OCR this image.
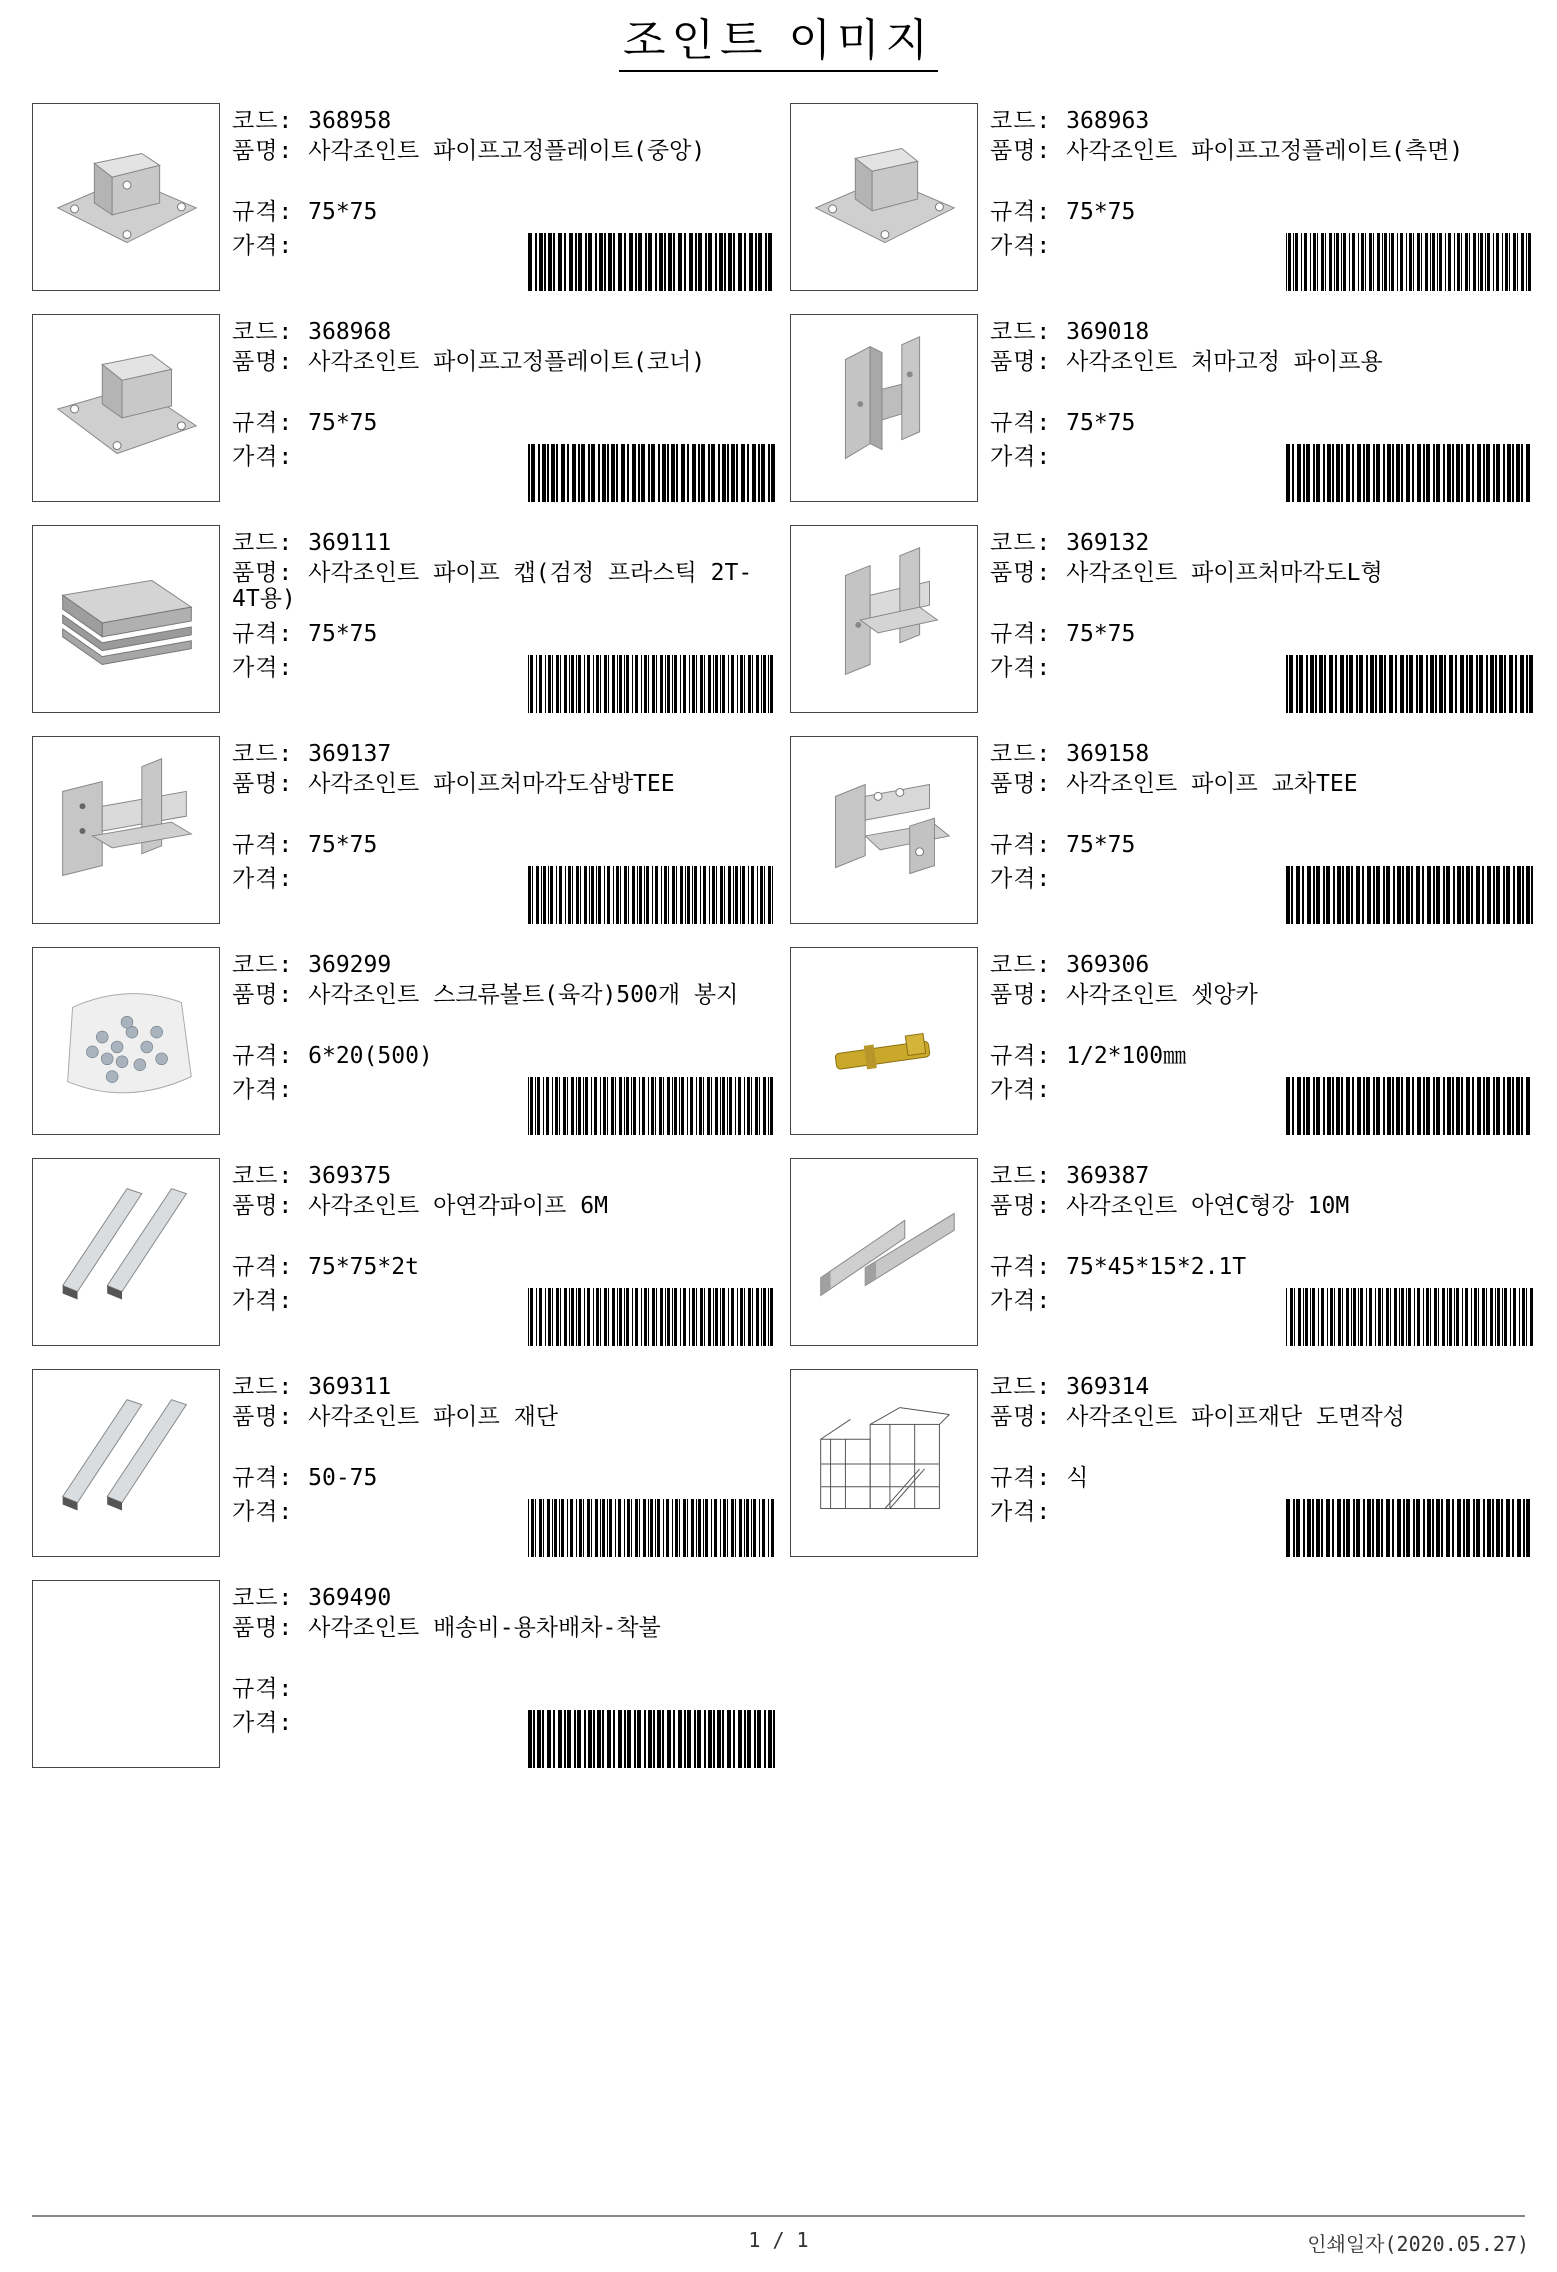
조인트 이미지
코드: 368958
품명: 사각조인트 파이프고정플레이트(중앙)
규격: 75*75
가격:
코드: 368963
품명: 사각조인트 파이프고정플레이트(측면)
규격: 75*75
가격:
코드: 368968
품명: 사각조인트 파이프고정플레이트(코너)
규격: 75*75
가격:
코드: 369018
품명: 사각조인트 처마고정 파이프용
규격: 75*75
가격:
코드: 369111
품명: 사각조인트 파이프 캡(검정 프라스틱 2T-4T용)
규격: 75*75
가격:
코드: 369132
품명: 사각조인트 파이프처마각도L형
규격: 75*75
가격:
코드: 369137
품명: 사각조인트 파이프처마각도삼방TEE
규격: 75*75
가격:
코드: 369158
품명: 사각조인트 파이프 교차TEE
규격: 75*75
가격:
코드: 369299
품명: 사각조인트 스크류볼트(육각)500개 봉지
규격: 6*20(500)
가격:
코드: 369306
품명: 사각조인트 셋앙카
규격: 1/2*100㎜
가격:
코드: 369375
품명: 사각조인트 아연각파이프 6M
규격: 75*75*2t
가격:
코드: 369387
품명: 사각조인트 아연C형강 10M
규격: 75*45*15*2.1T
가격:
코드: 369311
품명: 사각조인트 파이프 재단
규격: 50-75
가격:
코드: 369314
품명: 사각조인트 파이프재단 도면작성
규격: 식
가격:
코드: 369490
품명: 사각조인트 배송비-용차배차-착불
규격:
가격:
1 / 1	인쇄일자(2020.05.27)
